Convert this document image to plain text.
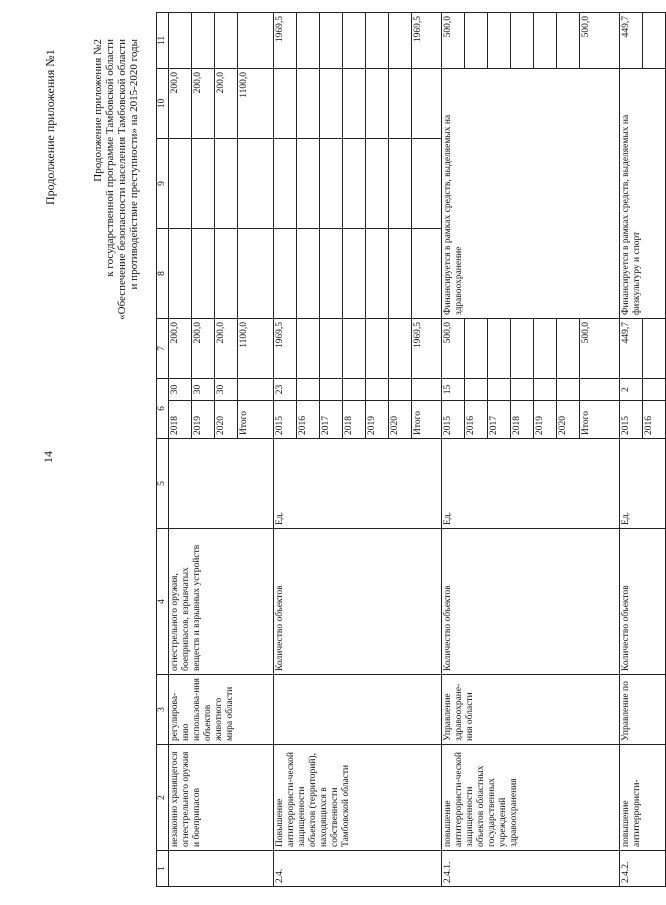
14
Продолжение приложения №1	Продолжение приложения №2 к государственной программе Тамбовской области «Обеспечение безопасности населения Тамбовской области и противодействие преступности» на 2015-2020 годы
1	2	3	4	5	6		7	8	9	10	11
	незаконно хранящегося огнестрельного оружия и боеприпасов	регулирова-нию использова-ния объектов животного мира области	огнестрельного оружия, боеприпасов, взрывчатых веществ и взрывных устройств		2018	30	200,0			200,0	
					2019	30	200,0			200,0	
					2020	30	200,0			200,0	
					Итого		1100,0			1100,0	
2.4.	Повышение антитеррористи-ческой защищенности объектов (территорий), находящихся в собственности Тамбовской области		Количество объектов	Ед.	2015	23	1969,5				1969,5
					2016						
					2017						
					2018						
					2019						
					2020						
					Итого		1969,5				1969,5
2.4.1.	повышение антитеррористи-ческой защищенности объектов областных государственных учреждений здравоохранения	Управление здравоохране-ния области	Количество объектов	Ед.	2015	15	500,0	Финансируется в рамках средств, выделяемых на здравоохранение			500,0
					2016						
					2017						
					2018						
					2019						
					2020						
					Итого		500,0				500,0
2.4.2.	повышение антитеррористи-	Управление по	Количество объектов	Ед.	2015	2	449,7	Финансируется в рамках средств, выделяемых на физкультуру и спорт			449,7
					2016						
